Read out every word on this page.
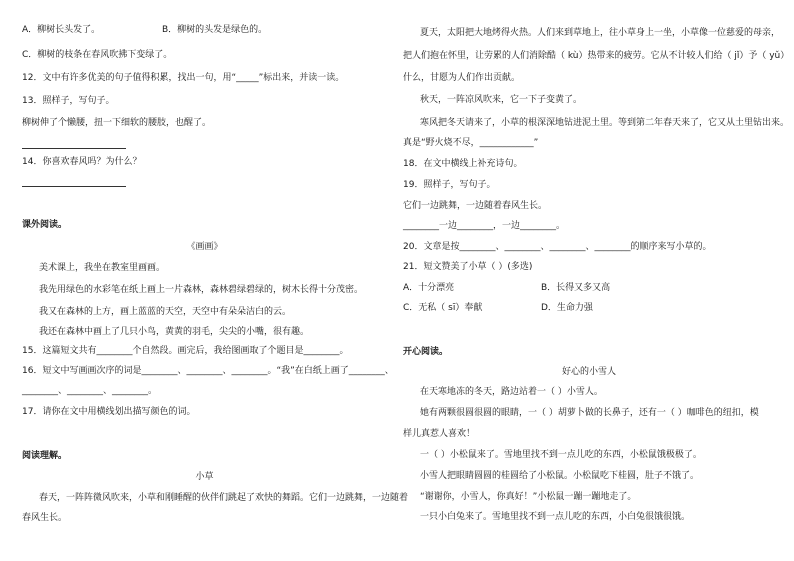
A．柳树长头发了。	B．柳树的头发是绿色的。
C．柳树的枝条在春风吹拂下变绿了。
12．文中有许多优美的句子值得积累，找出一句，用“_____”标出来，并读一读。
13．照样子，写句子。
柳树伸了个懒腰，扭一下细软的腰肢，也醒了。
14．你喜欢春风吗？为什么？
课外阅读。
《画画》
美术课上，我坐在教室里画画。
我先用绿色的水彩笔在纸上画上一片森林，森林碧绿碧绿的，树木长得十分茂密。
我又在森林的上方，画上蓝蓝的天空，天空中有朵朵洁白的云。
我还在森林中画上了几只小鸟，黄黄的羽毛，尖尖的小嘴，很有趣。
15．这篇短文共有________个自然段。画完后，我给图画取了个题目是________。
16．短文中写画画次序的词是________、________、________。“我”在白纸上画了________、
________、________、________。
17．请你在文中用横线划出描写颜色的词。
阅读理解。
小草
春天，一阵阵微风吹来，小草和刚睡醒的伙伴们跳起了欢快的舞蹈。它们一边跳舞，一边随着
春风生长。
夏天，太阳把大地烤得火热。人们来到草地上，往小草身上一坐，小草像一位慈爱的母亲，
把人们抱在怀里，让劳累的人们消除酷（ kù）热带来的疲劳。它从不计较人们给（ jǐ）予（ yǔ）
什么，甘愿为人们作出贡献。
秋天，一阵凉风吹来，它一下子变黄了。
寒风把冬天请来了，小草的根深深地钻进泥土里。等到第二年春天来了，它又从土里钻出来。
真是“野火烧不尽，____________”
18．在文中横线上补充诗句。
19．照样子，写句子。
它们一边跳舞，一边随着春风生长。
________一边________，一边________。
20．文章是按________、________、________、________的顺序来写小草的。
21．短文赞美了小草（ ）(多选)
A．十分漂亮	B．长得又多又高
C．无私（ sī）奉献	D．生命力强
开心阅读。
好心的小雪人
在天寒地冻的冬天，路边站着一（ ）小雪人。
她有两颗很圆很圆的眼睛，一（ ）胡萝卜做的长鼻子，还有一（ ）咖啡色的纽扣，模
样儿真惹人喜欢！
一（ ）小松鼠来了。雪地里找不到一点儿吃的东西，小松鼠饿极极了。
小雪人把眼睛圆圆的桂圆给了小松鼠。小松鼠吃下桂圆，肚子不饿了。
“谢谢你，小雪人，你真好！”小松鼠一蹦一蹦地走了。
一只小白兔来了。雪地里找不到一点儿吃的东西，小白兔很饿很饿。
